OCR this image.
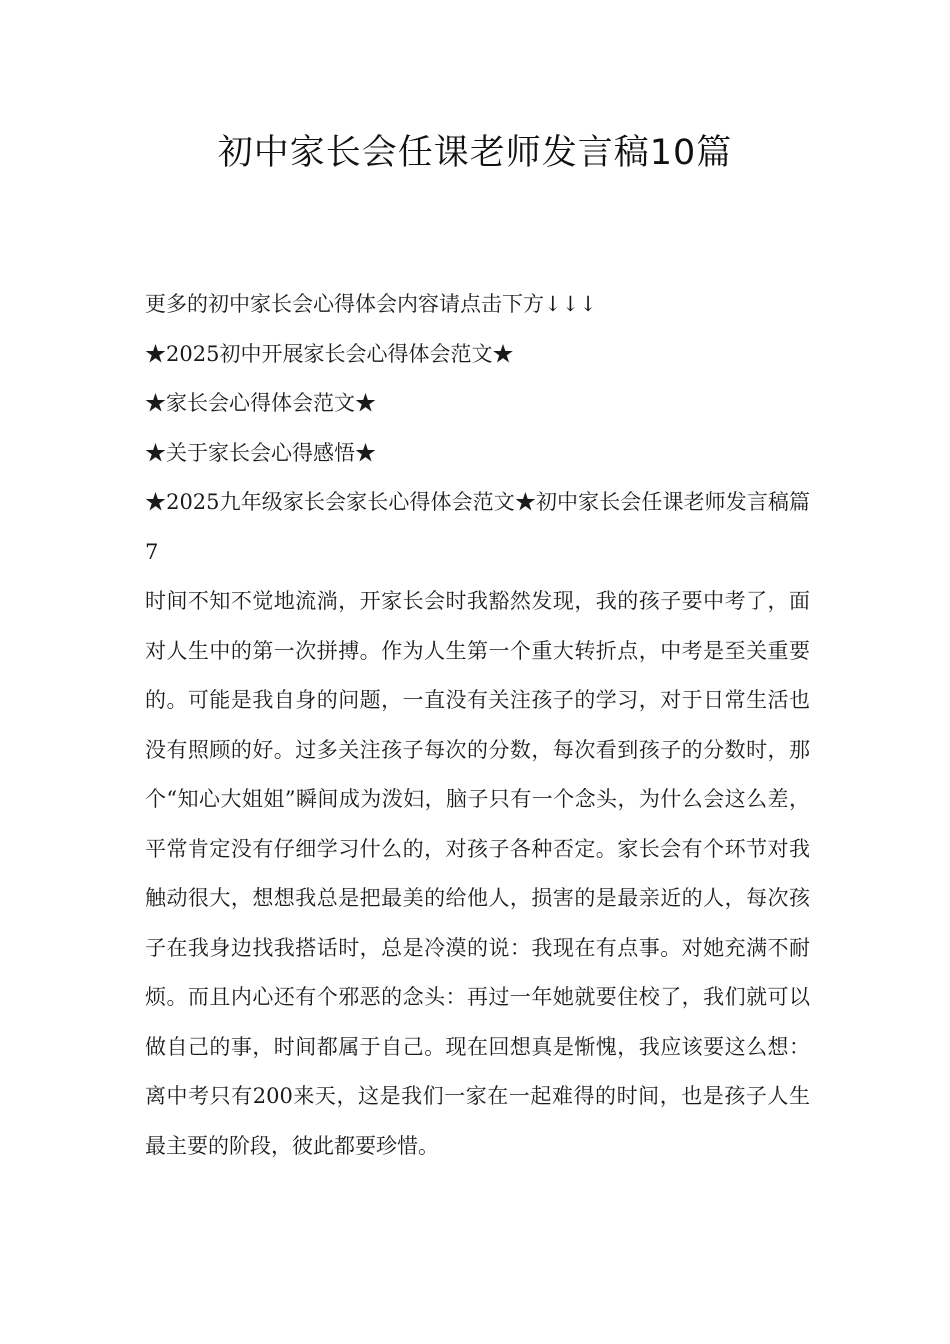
初中家长会任课老师发言稿10篇

更多的初中家长会心得体会内容请点击下方↓↓↓

★2025初中开展家长会心得体会范文★

★家长会心得体会范文★

★关于家长会心得感悟★

★2025九年级家长会家长心得体会范文★初中家长会任课老师发言稿篇7

时间不知不觉地流淌，开家长会时我豁然发现，我的孩子要中考了，面对人生中的第一次拼搏。作为人生第一个重大转折点，中考是至关重要的。可能是我自身的问题，一直没有关注孩子的学习，对于日常生活也没有照顾的好。过多关注孩子每次的分数，每次看到孩子的分数时，那个“知心大姐姐”瞬间成为泼妇，脑子只有一个念头，为什么会这么差，平常肯定没有仔细学习什么的，对孩子各种否定。家长会有个环节对我触动很大，想想我总是把最美的给他人，损害的是最亲近的人，每次孩子在我身边找我搭话时，总是冷漠的说：我现在有点事。对她充满不耐烦。而且内心还有个邪恶的念头：再过一年她就要住校了，我们就可以做自己的事，时间都属于自己。现在回想真是惭愧，我应该要这么想：离中考只有200来天，这是我们一家在一起难得的时间，也是孩子人生最主要的阶段，彼此都要珍惜。
